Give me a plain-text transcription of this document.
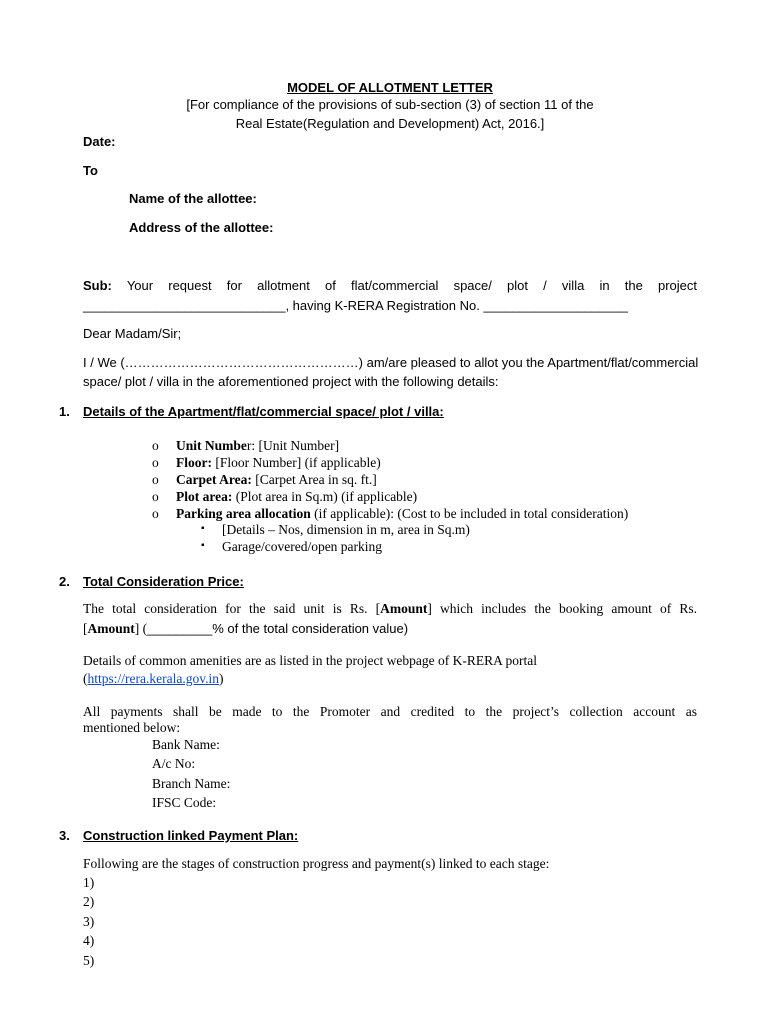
MODEL OF ALLOTMENT LETTER
[For compliance of the provisions of sub-section (3) of section 11 of the
Real Estate(Regulation and Development) Act, 2016.]
Date:
To
Name of the allottee:
Address of the allottee:
Sub: Your request for allotment of flat/commercial space/ plot / villa in the project
____________________________, having K-RERA Registration No. ____________________
Dear Madam/Sir;
I / We (………………………………………………) am/are pleased to allot you the Apartment/flat/commercial
space/ plot / villa in the aforementioned project with the following details:
1. Details of the Apartment/flat/commercial space/ plot / villa:
o Unit Number: [Unit Number]
o Floor: [Floor Number] (if applicable)
o Carpet Area: [Carpet Area in sq. ft.]
o Plot area: (Plot area in Sq.m) (if applicable)
o Parking area allocation (if applicable): (Cost to be included in total consideration)
▪ [Details – Nos, dimension in m, area in Sq.m)
▪ Garage/covered/open parking
2. Total Consideration Price:
The total consideration for the said unit is Rs. [Amount] which includes the booking amount of Rs.
[Amount] (_________% of the total consideration value)
Details of common amenities are as listed in the project webpage of K-RERA portal
(https://rera.kerala.gov.in)
All payments shall be made to the Promoter and credited to the project’s collection account as
mentioned below:
Bank Name:
A/c No:
Branch Name:
IFSC Code:
3. Construction linked Payment Plan:
Following are the stages of construction progress and payment(s) linked to each stage:
1)
2)
3)
4)
5)
